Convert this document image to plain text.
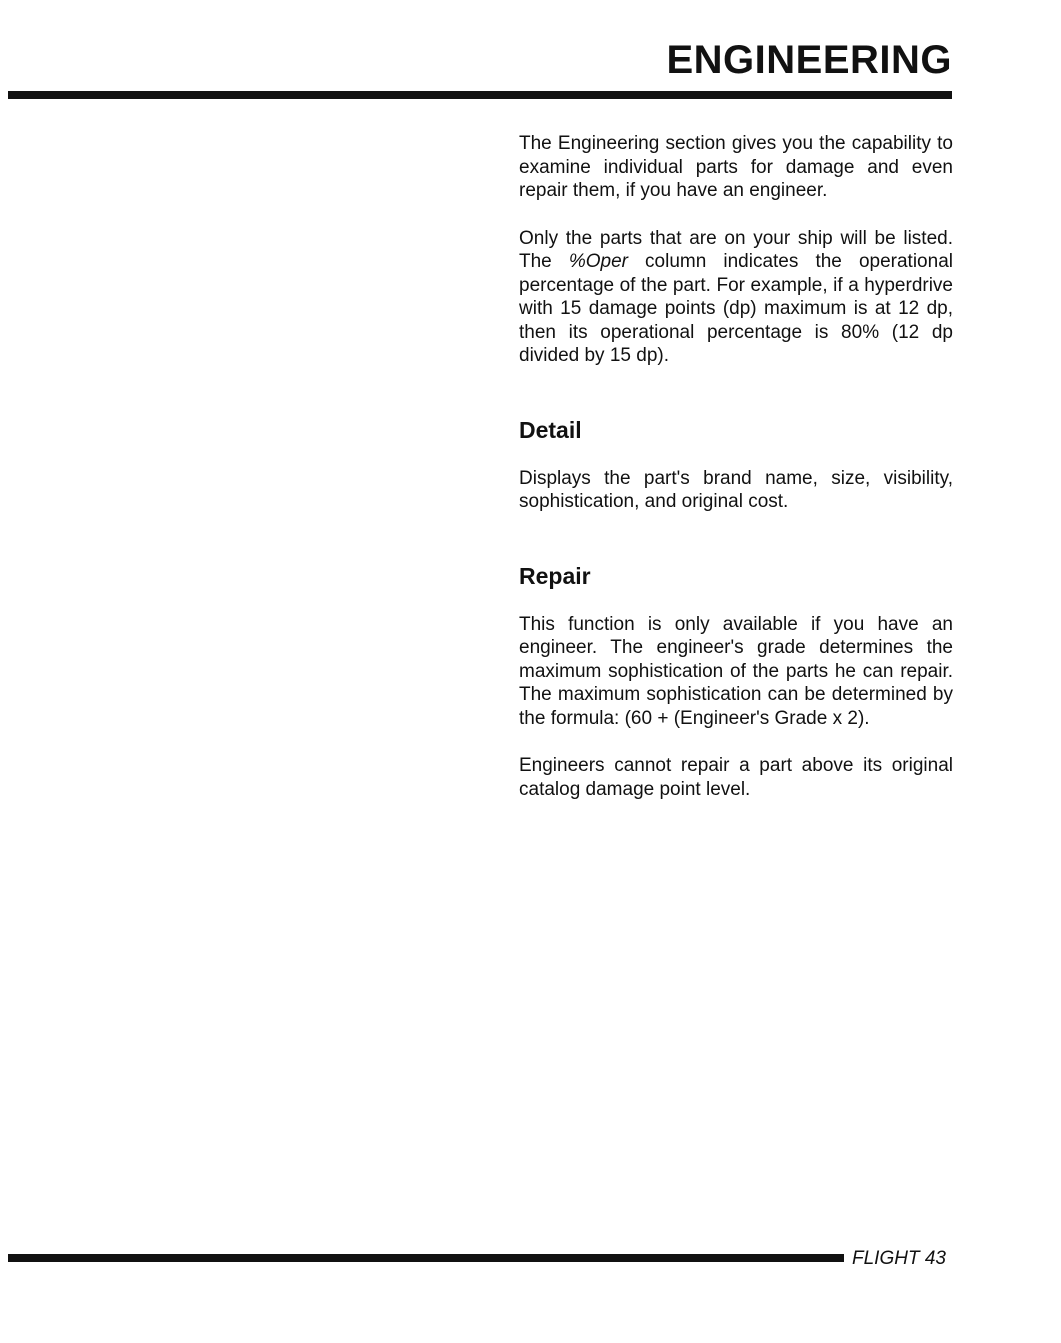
ENGINEERING

The Engineering section gives you the capability to examine individual parts for damage and even repair them, if you have an engineer.

Only the parts that are on your ship will be listed. The %Oper column indicates the operational percentage of the part. For example, if a hyperdrive with 15 damage points (dp) maximum is at 12 dp, then its operational percentage is 80% (12 dp divided by 15 dp).

Detail

Displays the part's brand name, size, visibility, sophistication, and original cost.

Repair

This function is only available if you have an engineer. The engineer's grade determines the maximum sophistication of the parts he can repair. The maximum sophistication can be determined by the formula: (60 + (Engineer's Grade x 2).

Engineers cannot repair a part above its original catalog damage point level.

FLIGHT 43
